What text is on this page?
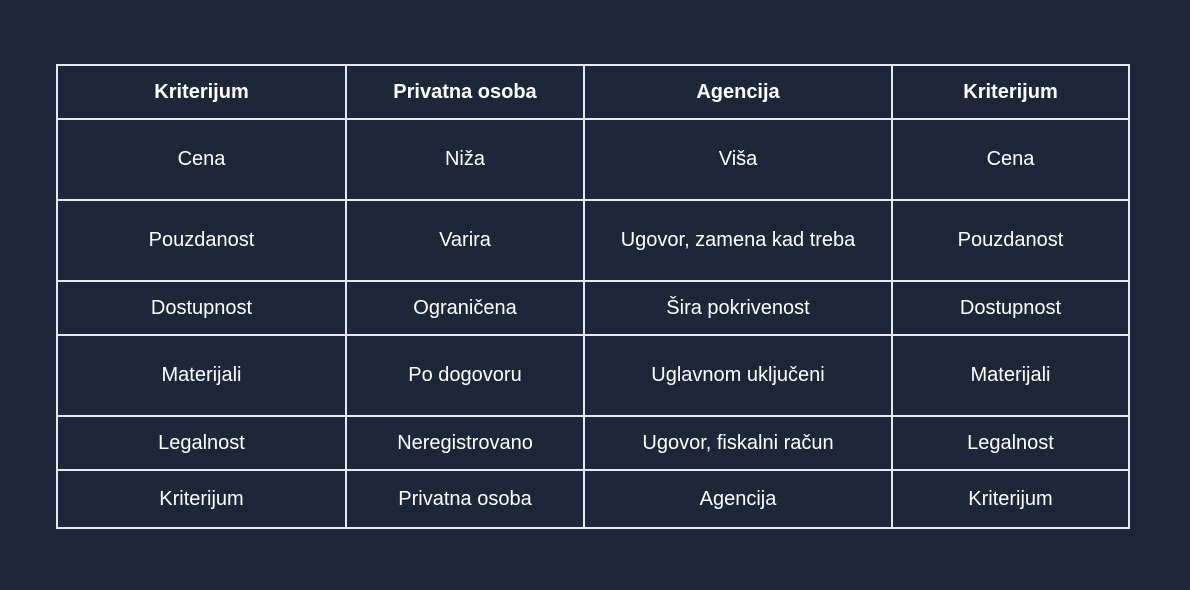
Kriterijum	Privatna osoba	Agencija	Kriterijum
Cena	Niža	Viša	Cena
Pouzdanost	Varira	Ugovor, zamena kad treba	Pouzdanost
Dostupnost	Ograničena	Šira pokrivenost	Dostupnost
Materijali	Po dogovoru	Uglavnom uključeni	Materijali
Legalnost	Neregistrovano	Ugovor, fiskalni račun	Legalnost
Kriterijum	Privatna osoba	Agencija	Kriterijum
